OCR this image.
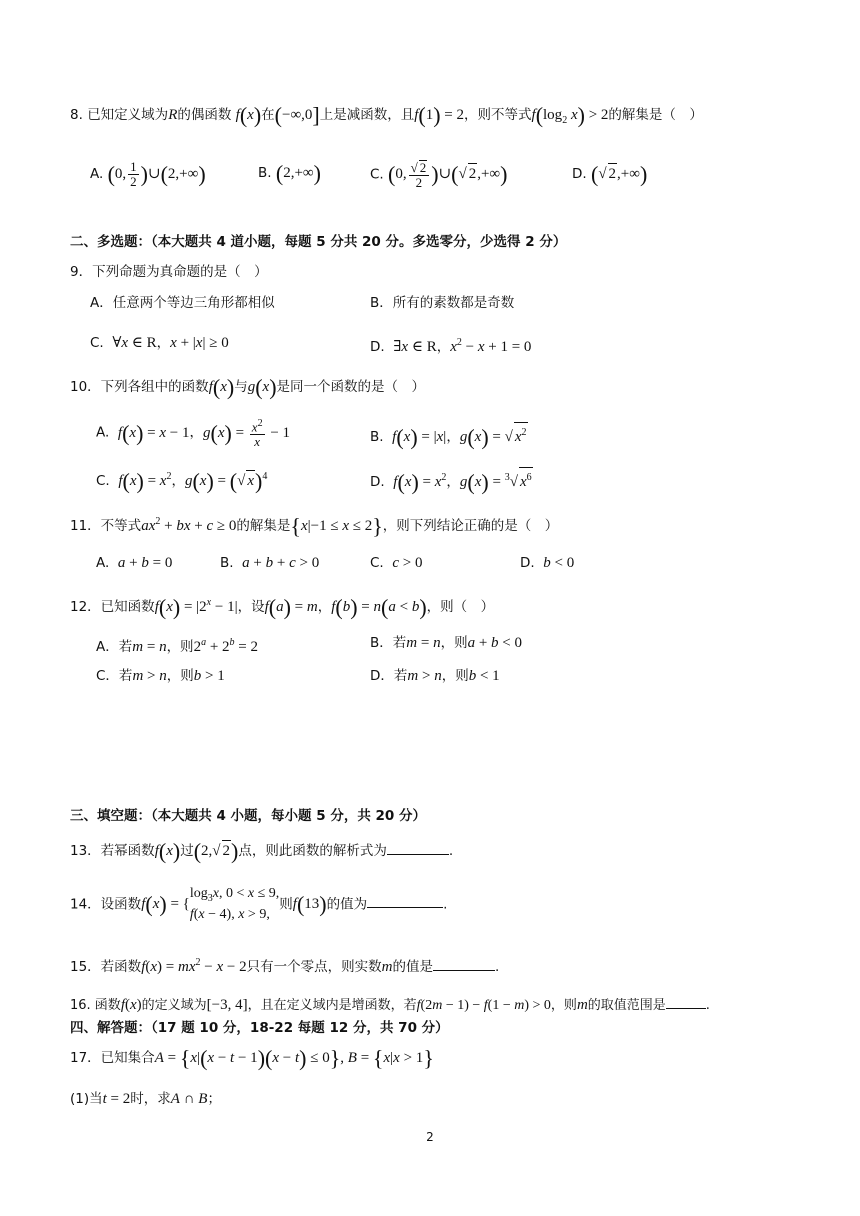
8. 已知定义域为R的偶函数 f(x)在(−∞,0]上是减函数，且f(1) = 2，则不等式$f(\log_2$ x) > 2的解集是（　）
A. (0, $\frac{1}{2}$ )∪(2,+∞)	B. (2,+∞)	C. (0, $\frac{√ 2}{2}$ )∪(√ 2,+∞)	D. (√ 2,+∞)
二、多选题：（本大题共 4 道小题，每题 5 分共 20 分。多选零分，少选得 2 分）
9．下列命题为真命题的是（　）
A．任意两个等边三角形都相似	B．所有的素数都是奇数
C. ∀x ∈ R，x + |x| ≥ 0	D. ∃x ∈ R，$x^2 - x + 1 = 0$
10．下列各组中的函数f(x)与g(x)是同一个函数的是（　）
A. f(x) = x − 1，$g(x) = \frac{x^2}{x} - 1$	B. f(x) = |x|，g(x) = √ $x^2$
C. $f(x) = x^2$，g(x) = (√ x)$^4$	D. $f(x) = x^2$，g(x) = $^3$√ $x^6$
11．不等式$ax^2$ + bx + c ≥ 0的解集是{x|−1 ≤ x ≤ 2}，则下列结论正确的是（　）
A. a + b = 0	B. a + b + c > 0	C. c > 0	D. b < 0
12．已知函数$f(x) = |2^x - 1|$，设f(a) = m，f(b) = n(a < b)，则（　）
A．若m = n，则$2^a + 2^b = 2$	B．若m = n，则a + b < 0
C．若m > n，则b > 1	D．若m > n，则b < 1
三、填空题：（本大题共 4 小题，每小题 5 分，共 20 分）
13．若幂函数f(x)过(2,√ 2)点，则此函数的解析式为	.
14．设函数f(x) = {
$\log_3x$, 0 < x ≤ 9,
f(x − 4), x > 9,
则f(13)的值为	.
15．若函数$f(x) = mx^2 - x - 2$只有一个零点，则实数m的值是	.
16. 函数f(x)的定义域为[−3, 4]，且在定义域内是增函数，若f(2m − 1) − f(1 − m) > 0，则m的取值范围是	.
四、解答题：（17 题 10 分，18-22 每题 12 分，共 70 分）
17．已知集合A = {x|(x − t − 1)(x − t) ≤ 0}, B = {x|x > 1}
(1)当t = 2时，求A ∩ B；
2
